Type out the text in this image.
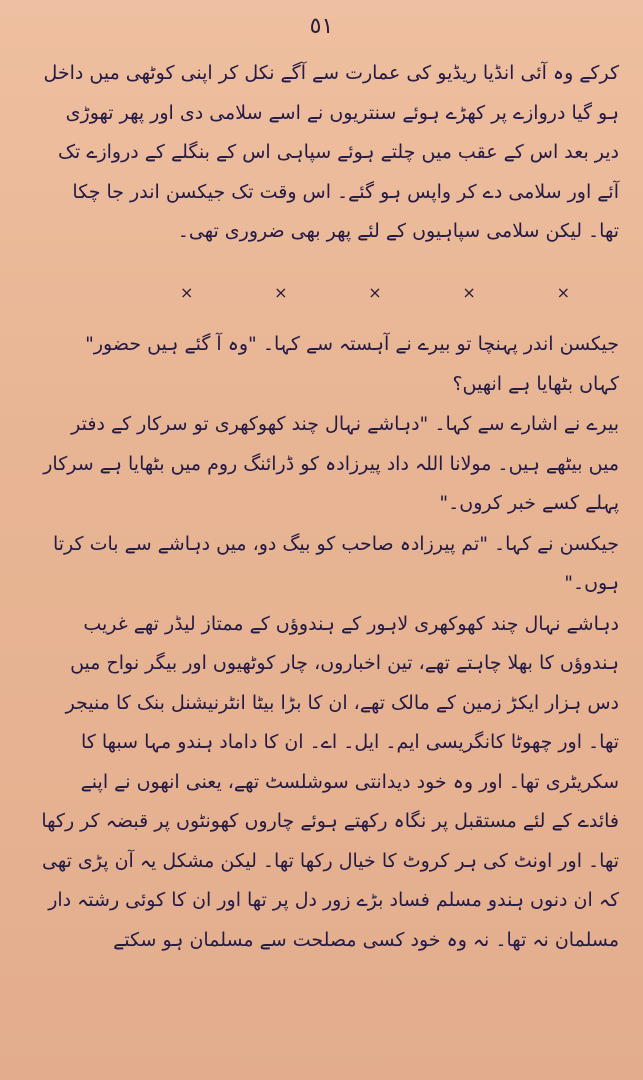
٥١

کرکے وہ آئی انڈیا ریڈیو کی عمارت سے آگے نکل کر اپنی کوٹھی میں داخل ہو گیا دروازے پر کھڑے ہوئے سنتریوں نے اسے سلامی دی اور پھر تھوڑی دیر بعد اس کے عقب میں چلتے ہوئے سپاہی اس کے بنگلے کے دروازے تک آئے اور سلامی دے کر واپس ہو گئے۔ اس وقت تک جیکسن اندر جا چکا تھا۔ لیکن سلامی سپاہیوں کے لئے پھر بھی ضروری تھی۔

×	×	×	×	×

جیکسن اندر پہنچا تو بیرے نے آہستہ سے کہا۔ "وہ آ گئے ہیں حضور" کہاں بٹھایا ہے انھیں؟

بیرے نے اشارے سے کہا۔ "دہاشے نہال چند کھوکھری تو سرکار کے دفتر میں بیٹھے ہیں۔ مولانا اللہ داد پیرزادہ کو ڈرائنگ روم میں بٹھایا ہے سرکار پہلے کسے خبر کروں۔"

جیکسن نے کہا۔ "تم پیرزادہ صاحب کو بیگ دو، میں دہاشے سے بات کرتا ہوں۔"

دہاشے نہال چند کھوکھری لاہور کے ہندوؤں کے ممتاز لیڈر تھے غریب ہندوؤں کا بھلا چاہتے تھے، تین اخباروں، چار کوٹھیوں اور بیگر نواح میں دس ہزار ایکڑ زمین کے مالک تھے، ان کا بڑا بیٹا انٹرنیشنل بنک کا منیجر تھا۔ اور چھوٹا کانگریسی ایم۔ ایل۔ اے۔ ان کا داماد ہندو مہا سبھا کا سکریٹری تھا۔ اور وہ خود دیدانتی سوشلسٹ تھے، یعنی انھوں نے اپنے فائدے کے لئے مستقبل پر نگاہ رکھتے ہوئے چاروں کھونٹوں پر قبضہ کر رکھا تھا۔ اور اونٹ کی ہر کروٹ کا خیال رکھا تھا۔ لیکن مشکل یہ آن پڑی تھی کہ ان دنوں ہندو مسلم فساد بڑے زور دل پر تھا اور ان کا کوئی رشتہ دار مسلمان نہ تھا۔ نہ وہ خود کسی مصلحت سے مسلمان ہو سکتے
